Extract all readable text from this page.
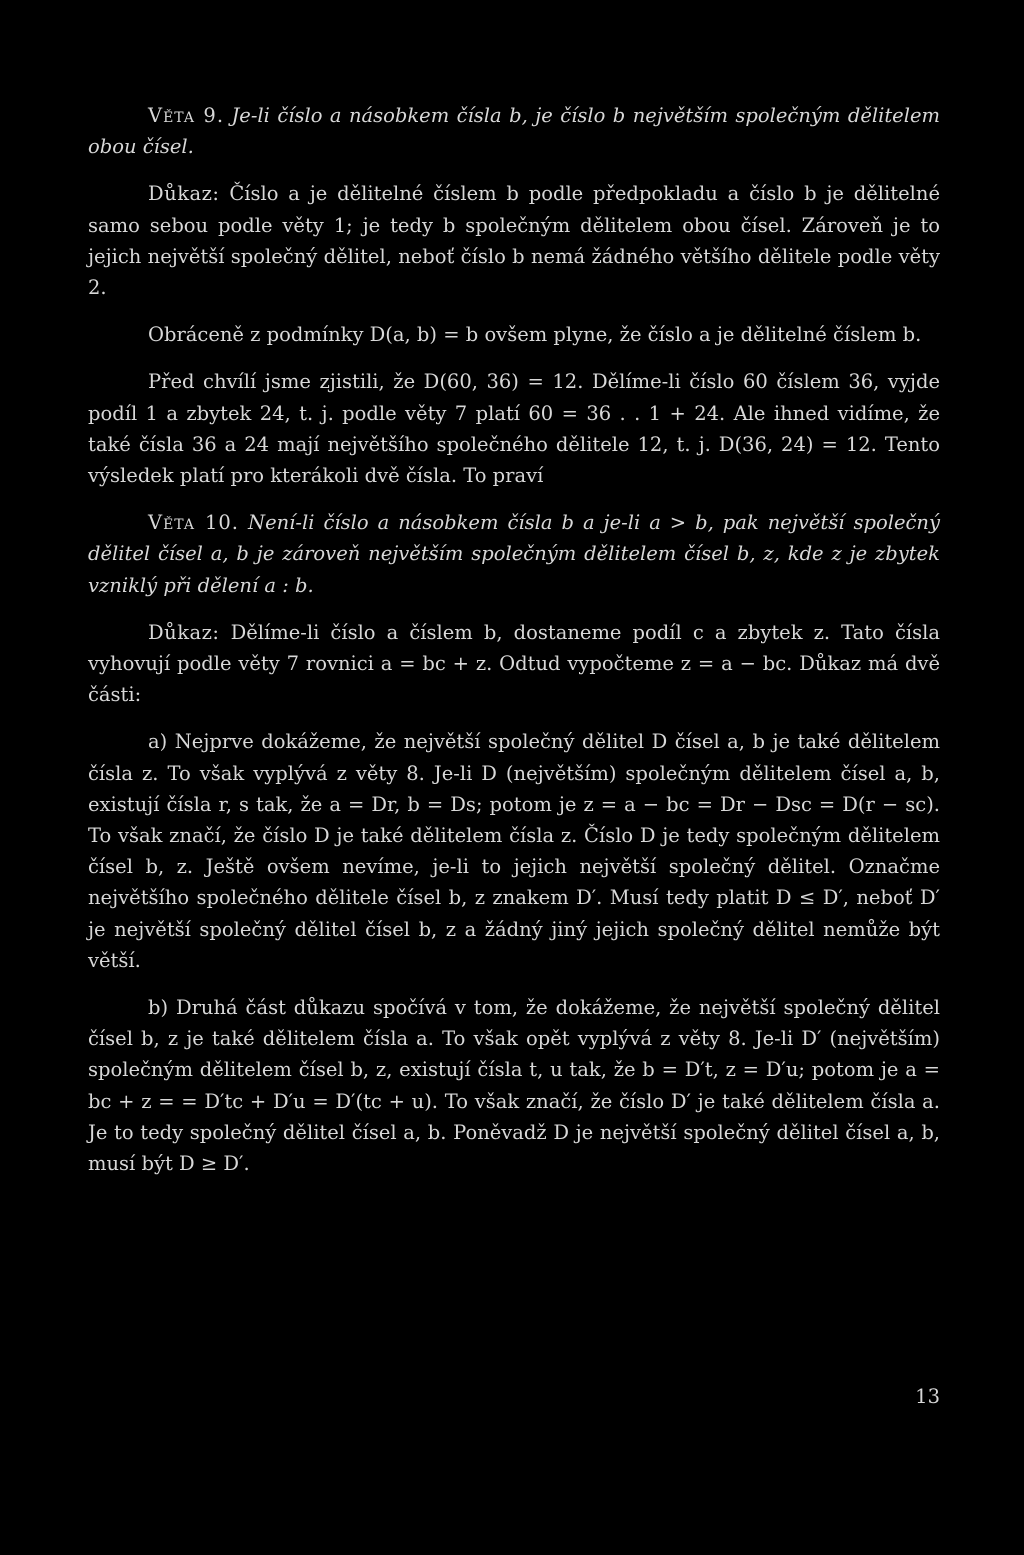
Věta 9. Je-li číslo a násobkem čísla b, je číslo b největším společným dělitelem obou čísel.

Důkaz: Číslo a je dělitelné číslem b podle předpokladu a číslo b je dělitelné samo sebou podle věty 1; je tedy b společným dělitelem obou čísel. Zároveň je to jejich největší společný dělitel, neboť číslo b nemá žádného většího dělitele podle věty 2.

Obráceně z podmínky D(a, b) = b ovšem plyne, že číslo a je dělitelné číslem b.

Před chvílí jsme zjistili, že D(60, 36) = 12. Dělíme-li číslo 60 číslem 36, vyjde podíl 1 a zbytek 24, t. j. podle věty 7 platí 60 = 36 . . 1 + 24. Ale ihned vidíme, že také čísla 36 a 24 mají největšího společného dělitele 12, t. j. D(36, 24) = 12. Tento výsledek platí pro kterákoli dvě čísla. To praví

Věta 10. Není-li číslo a násobkem čísla b a je-li a > b, pak největší společný dělitel čísel a, b je zároveň největším společným dělitelem čísel b, z, kde z je zbytek vzniklý při dělení a : b.

Důkaz: Dělíme-li číslo a číslem b, dostaneme podíl c a zbytek z. Tato čísla vyhovují podle věty 7 rovnici a = bc + z. Odtud vypočteme z = a − bc. Důkaz má dvě části:

a) Nejprve dokážeme, že největší společný dělitel D čísel a, b je také dělitelem čísla z. To však vyplývá z věty 8. Je-li D (největším) společným dělitelem čísel a, b, existují čísla r, s tak, že a = Dr, b = Ds; potom je z = a − bc = Dr − Dsc = D(r − sc). To však značí, že číslo D je také dělitelem čísla z. Číslo D je tedy společným dělitelem čísel b, z. Ještě ovšem nevíme, je-li to jejich největší společný dělitel. Označme největšího společného dělitele čísel b, z znakem D′. Musí tedy platit D ≤ D′, neboť D′ je největší společný dělitel čísel b, z a žádný jiný jejich společný dělitel nemůže být větší.

b) Druhá část důkazu spočívá v tom, že dokážeme, že největší společný dělitel čísel b, z je také dělitelem čísla a. To však opět vyplývá z věty 8. Je-li D′ (největším) společným dělitelem čísel b, z, existují čísla t, u tak, že b = D′t, z = D′u; potom je a = bc + z = = D′tc + D′u = D′(tc + u). To však značí, že číslo D′ je také dělitelem čísla a. Je to tedy společný dělitel čísel a, b. Poněvadž D je největší společný dělitel čísel a, b, musí být D ≥ D′.

13
